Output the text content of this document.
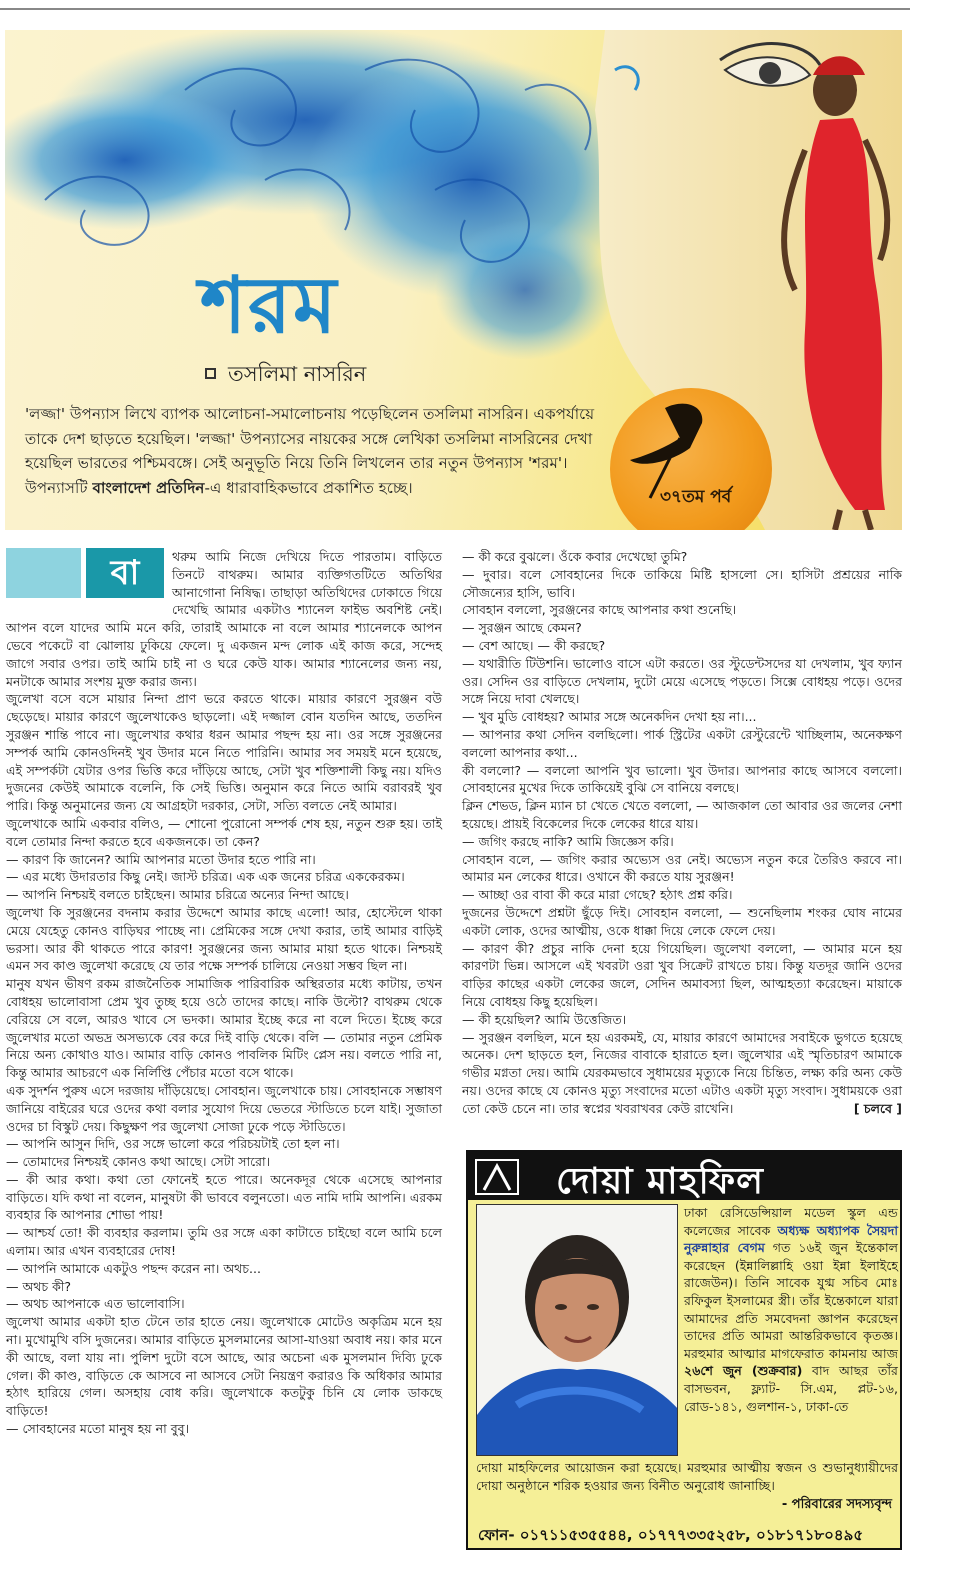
শরম
তসলিমা নাসরিন
'লজ্জা' উপন্যাস লিখে ব্যাপক আলোচনা-সমালোচনায় পড়েছিলেন তসলিমা নাসরিন। একপর্যায়ে তাকে দেশ ছাড়তে হয়েছিল। 'লজ্জা' উপন্যাসের নায়কের সঙ্গে লেখিকা তসলিমা নাসরিনের দেখা হয়েছিল ভারতের পশ্চিমবঙ্গে। সেই অনুভূতি নিয়ে তিনি লিখলেন তার নতুন উপন্যাস 'শরম'। উপন্যাসটি বাংলাদেশ প্রতিদিন-এ ধারাবাহিকভাবে প্রকাশিত হচ্ছে।	৩৭তম পর্ব
বা	থরুম আমি নিজে দেখিয়ে দিতে পারতাম। বাড়িতে তিনটে বাথরুম। আমার ব্যক্তিগতটিতে অতিথির আনাগোনা নিষিদ্ধ। তাছাড়া অতিথিদের ঢোকাতে গিয়ে দেখেছি আমার একটাও শ্যানেল ফাইভ অবশিষ্ট নেই। আপন বলে যাদের আমি মনে করি, তারাই আমাকে না বলে আমার শ্যানেলকে আপন ভেবে পকেটে বা ঝোলায় ঢুকিয়ে ফেলে। দু একজন মন্দ লোক এই কাজ করে, সন্দেহ জাগে সবার ওপর। তাই আমি চাই না ও ঘরে কেউ যাক। আমার শ্যানেলের জন্য নয়, মনটাকে আমার সংশয় মুক্ত করার জন্য।

জুলেখা বসে বসে মায়ার নিন্দা প্রাণ ভরে করতে থাকে। মায়ার কারণে সুরঞ্জন বউ ছেড়েছে। মায়ার কারণে জুলেখাকেও ছাড়লো। এই দজ্জাল বোন যতদিন আছে, ততদিন সুরঞ্জন শান্তি পাবে না। জুলেখার কথার ধরন আমার পছন্দ হয় না। ওর সঙ্গে সুরঞ্জনের সম্পর্ক আমি কোনওদিনই খুব উদার মনে নিতে পারিনি। আমার সব সময়ই মনে হয়েছে, এই সম্পর্কটা যেটার ওপর ভিত্তি করে দাঁড়িয়ে আছে, সেটা খুব শক্তিশালী কিছু নয়। যদিও দুজনের কেউই আমাকে বলেনি, কি সেই ভিত্তি। অনুমান করে নিতে আমি বরাবরই খুব পারি। কিন্তু অনুমানের জন্য যে আগ্রহটা দরকার, সেটা, সত্যি বলতে নেই আমার।

জুলেখাকে আমি একবার বলিও, — শোনো পুরোনো সম্পর্ক শেষ হয়, নতুন শুরু হয়। তাই বলে তোমার নিন্দা করতে হবে একজনকে। তা কেন?

— কারণ কি জানেন? আমি আপনার মতো উদার হতে পারি না।

— এর মধ্যে উদারতার কিছু নেই। জাস্ট চরিত্র। এক এক জনের চরিত্র এককেরকম।

— আপনি নিশ্চয়ই বলতে চাইছেন। আমার চরিত্রে অন্যের নিন্দা আছে।

জুলেখা কি সুরঞ্জনের বদনাম করার উদ্দেশে আমার কাছে এলো! আর, হোস্টেলে থাকা মেয়ে যেহেতু কোনও বাড়িঘর পাচ্ছে না। প্রেমিকের সঙ্গে দেখা করার, তাই আমার বাড়িই ভরসা। আর কী থাকতে পারে কারণ! সুরঞ্জনের জন্য আমার মায়া হতে থাকে। নিশ্চয়ই এমন সব কাণ্ড জুলেখা করেছে যে তার পক্ষে সম্পর্ক চালিয়ে নেওয়া সম্ভব ছিল না।

মানুষ যখন ভীষণ রকম রাজনৈতিক সামাজিক পারিবারিক অস্থিরতার মধ্যে কাটায়, তখন বোধহয় ভালোবাসা প্রেম খুব তুচ্ছ হয়ে ওঠে তাদের কাছে। নাকি উল্টো? বাথরুম থেকে বেরিয়ে সে বলে, আরও খাবে সে ভদকা। আমার ইচ্ছে করে না বলে দিতে। ইচ্ছে করে জুলেখার মতো অভদ্র অসভ্যকে বের করে দিই বাড়ি থেকে। বলি — তোমার নতুন প্রেমিক নিয়ে অন্য কোথাও যাও। আমার বাড়ি কোনও পাবলিক মিটিং প্লেস নয়। বলতে পারি না, কিন্তু আমার আচরণে এক নির্লিপ্তি পেঁচার মতো বসে থাকে।

এক সুদর্শন পুরুষ এসে দরজায় দাঁড়িয়েছে। সোবহান। জুলেখাকে চায়। সোবহানকে সম্ভাষণ জানিয়ে বাইরের ঘরে ওদের কথা বলার সুযোগ দিয়ে ভেতরে স্টাডিতে চলে যাই। সুজাতা ওদের চা বিস্কুট দেয়। কিছুক্ষণ পর জুলেখা সোজা ঢুকে পড়ে স্টাডিতে।

— আপনি আসুন দিদি, ওর সঙ্গে ভালো করে পরিচয়টাই তো হল না।

— তোমাদের নিশ্চয়ই কোনও কথা আছে। সেটা সারো।

— কী আর কথা। কথা তো ফোনেই হতে পারে। অনেকদূর থেকে এসেছে আপনার বাড়িতে। যদি কথা না বলেন, মানুষটা কী ভাববে বলুনতো। এত নামি দামি আপনি। এরকম ব্যবহার কি আপনার শোভা পায়!

— আশ্চর্য তো! কী ব্যবহার করলাম। তুমি ওর সঙ্গে একা কাটাতে চাইছো বলে আমি চলে এলাম। আর এখন ব্যবহারের দোষ!

— আপনি আমাকে একটুও পছন্দ করেন না। অথচ...

— অথচ কী?

— অথচ আপনাকে এত ভালোবাসি।

জুলেখা আমার একটা হাত টেনে তার হাতে নেয়। জুলেখাকে মোটেও অকৃত্রিম মনে হয় না। মুখোমুখি বসি দুজনের। আমার বাড়িতে মুসলমানের আসা-যাওয়া অবাধ নয়। কার মনে কী আছে, বলা যায় না। পুলিশ দুটো বসে আছে, আর অচেনা এক মুসলমান দিব্যি ঢুকে গেল। কী কাণ্ড, বাড়িতে কে আসবে না আসবে সেটা নিয়ন্ত্রণ করারও কি অধিকার আমার হঠাৎ হারিয়ে গেল। অসহায় বোধ করি। জুলেখাকে কতটুকু চিনি যে লোক ডাকছে বাড়িতে!

— সোবহানের মতো মানুষ হয় না বুবু।

— কী করে বুঝলে। ওঁকে কবার দেখেছো তুমি?

— দুবার। বলে সোবহানের দিকে তাকিয়ে মিষ্টি হাসলো সে। হাসিটা প্রশ্রয়ের নাকি সৌজন্যের হাসি, ভাবি।

সোবহান বললো, সুরঞ্জনের কাছে আপনার কথা শুনেছি।

— সুরঞ্জন আছে কেমন?

— বেশ আছে। — কী করছে?

— যথারীতি টিউশনি। ভালোও বাসে এটা করতে। ওর স্টুডেন্টসদের যা দেখলাম, খুব ফ্যান ওর। সেদিন ওর বাড়িতে দেখলাম, দুটো মেয়ে এসেছে পড়তে। সিক্সে বোধহয় পড়ে। ওদের সঙ্গে নিয়ে দাবা খেলছে।

— খুব মুডি বোধহয়? আমার সঙ্গে অনেকদিন দেখা হয় না।...

— আপনার কথা সেদিন বলছিলো। পার্ক স্ট্রিটের একটা রেস্টুরেন্টে খাচ্ছিলাম, অনেকক্ষণ বললো আপনার কথা...

কী বললো? — বললো আপনি খুব ভালো। খুব উদার। আপনার কাছে আসবে বললো। সোবহানের মুখের দিকে তাকিয়েই বুঝি সে বানিয়ে বলছে।

ক্লিন শেভড, ক্লিন ম্যান চা খেতে খেতে বললো, — আজকাল তো আবার ওর জলের নেশা হয়েছে। প্রায়ই বিকেলের দিকে লেকের ধারে যায়।

— জগিং করছে নাকি? আমি জিজ্ঞেস করি।

সোবহান বলে, — জগিং করার অভ্যেস ওর নেই। অভ্যেস নতুন করে তৈরিও করবে না। আমার মন লেকের ধারে। ওখানে কী করতে যায় সুরঞ্জন!

— আচ্ছা ওর বাবা কী করে মারা গেছে? হঠাৎ প্রশ্ন করি।

দুজনের উদ্দেশে প্রশ্নটা ছুঁড়ে দিই। সোবহান বললো, — শুনেছিলাম শংকর ঘোষ নামের একটা লোক, ওদের আত্মীয়, ওকে ধাক্কা দিয়ে লেকে ফেলে দেয়।

— কারণ কী? প্রচুর নাকি দেনা হয়ে গিয়েছিল। জুলেখা বললো, — আমার মনে হয় কারণটা ভিন্ন। আসলে এই খবরটা ওরা খুব সিক্রেট রাখতে চায়। কিন্তু যতদূর জানি ওদের বাড়ির কাছের একটা লেকের জলে, সেদিন অমাবস্যা ছিল, আত্মহত্যা করেছেন। মায়াকে নিয়ে বোধহয় কিছু হয়েছিল।

— কী হয়েছিল? আমি উত্তেজিত।

— সুরঞ্জন বলছিল, মনে হয় এরকমই, যে, মায়ার কারণে আমাদের সবাইকে ভুগতে হয়েছে অনেক। দেশ ছাড়তে হল, নিজের বাবাকে হারাতে হল। জুলেখার এই স্মৃতিচারণ আমাকে গভীর মগ্নতা দেয়। আমি যেরকমভাবে সুধাময়ের মৃত্যুকে নিয়ে চিন্তিত, লক্ষ্য করি অন্য কেউ নয়। ওদের কাছে যে কোনও মৃত্যু সংবাদের মতো এটাও একটা মৃত্যু সংবাদ। সুধাময়কে ওরা তো কেউ চেনে না। তার স্বপ্নের খবরাখবর কেউ রাখেনি।	[ চলবে ]

দোয়া মাহফিল
ঢাকা রেসিডেন্সিয়াল মডেল স্কুল এন্ড কলেজের সাবেক অধ্যক্ষ অধ্যাপক সৈয়দা নুরুন্নাহার বেগম গত ১৬ই জুন ইন্তেকাল করেছেন (ইন্নালিল্লাহি ওয়া ইন্না ইলাইহে রাজেউন)। তিনি সাবেক যুগ্ম সচিব মোঃ রফিকুল ইসলামের স্ত্রী। তাঁর ইন্তেকালে যারা আমাদের প্রতি সমবেদনা জ্ঞাপন করেছেন তাদের প্রতি আমরা আন্তরিকভাবে কৃতজ্ঞ। মরহুমার আত্মার মাগফেরাত কামনায় আজ ২৬শে জুন (শুক্রবার) বাদ আছর তাঁর বাসভবন, ফ্ল্যাট- সি.এম, প্লট-১৬, রোড-১৪১, গুলশান-১, ঢাকা-তে
দোয়া মাহফিলের আয়োজন করা হয়েছে। মরহুমার আত্মীয় স্বজন ও শুভানুধ্যায়ীদের দোয়া অনুষ্ঠানে শরিক হওয়ার জন্য বিনীত অনুরোধ জানাচ্ছি।
- পরিবারের সদস্যবৃন্দ
ফোন- ০১৭১১৫৩৫৫৪৪, ০১৭৭৭৩৩৫২৫৮, ০১৮১৭১৮০৪৯৫
